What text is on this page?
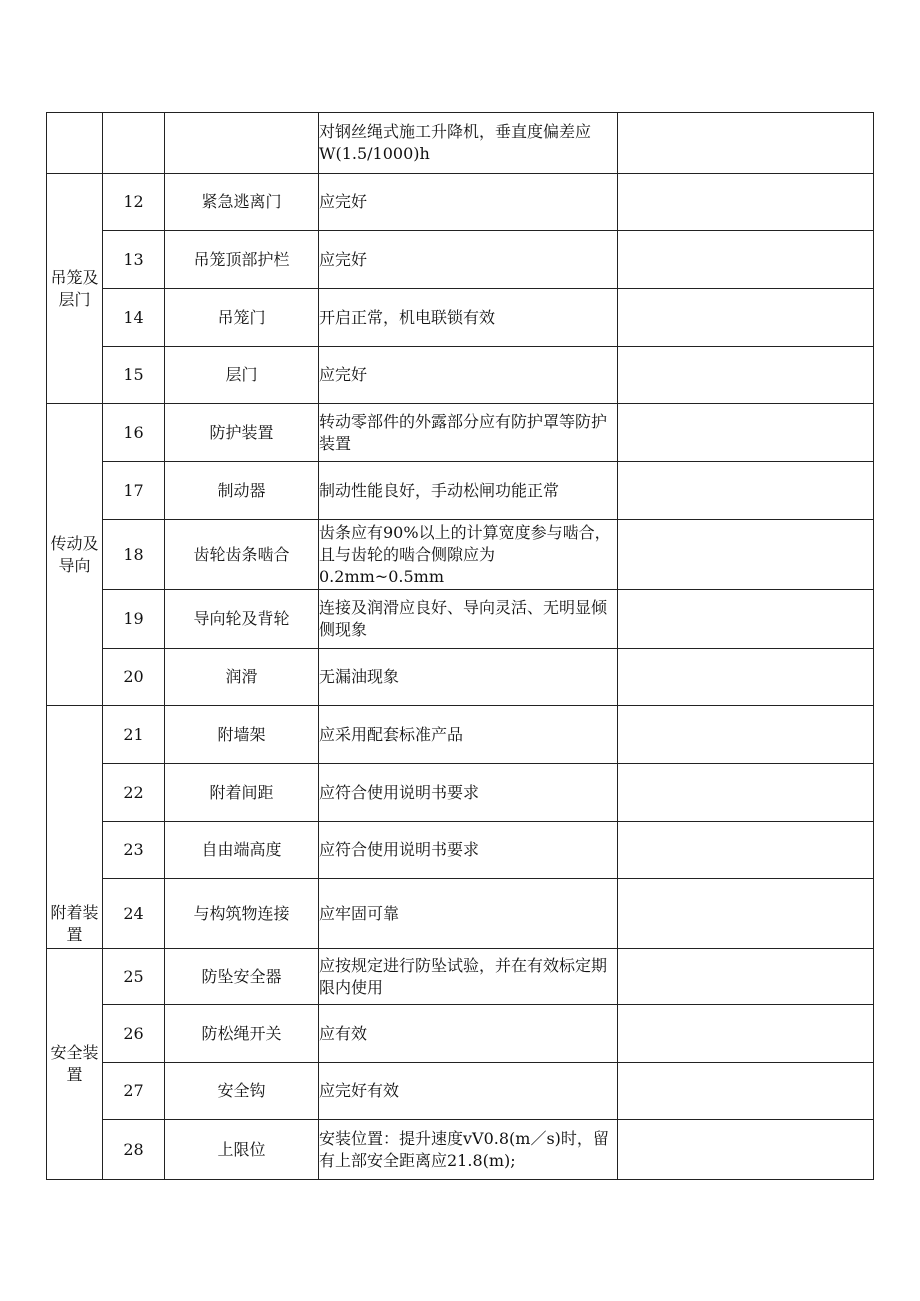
			对钢丝绳式施工升降机，垂直度偏差应W(1.5/1000)h	
吊笼及层门	12	紧急逃离门	应完好	
	13	吊笼顶部护栏	应完好	
	14	吊笼门	开启正常，机电联锁有效	
	15	层门	应完好	
传动及导向	16	防护装置	转动零部件的外露部分应有防护罩等防护装置	
	17	制动器	制动性能良好，手动松闸功能正常	
	18	齿轮齿条啮合	齿条应有90%以上的计算宽度参与啮合，且与齿轮的啮合侧隙应为0.2mm~0.5mm	
	19	导向轮及背轮	连接及润滑应良好、导向灵活、无明显倾侧现象	
	20	润滑	无漏油现象	
附着装置	21	附墙架	应采用配套标准产品	
	22	附着间距	应符合使用说明书要求	
	23	自由端高度	应符合使用说明书要求	
	24	与构筑物连接	应牢固可靠	
安全装置	25	防坠安全器	应按规定进行防坠试验，并在有效标定期限内使用	
	26	防松绳开关	应有效	
	27	安全钩	应完好有效	
	28	上限位	安装位置：提升速度vV0.8(m／s)时，留有上部安全距离应21.8(m);	
